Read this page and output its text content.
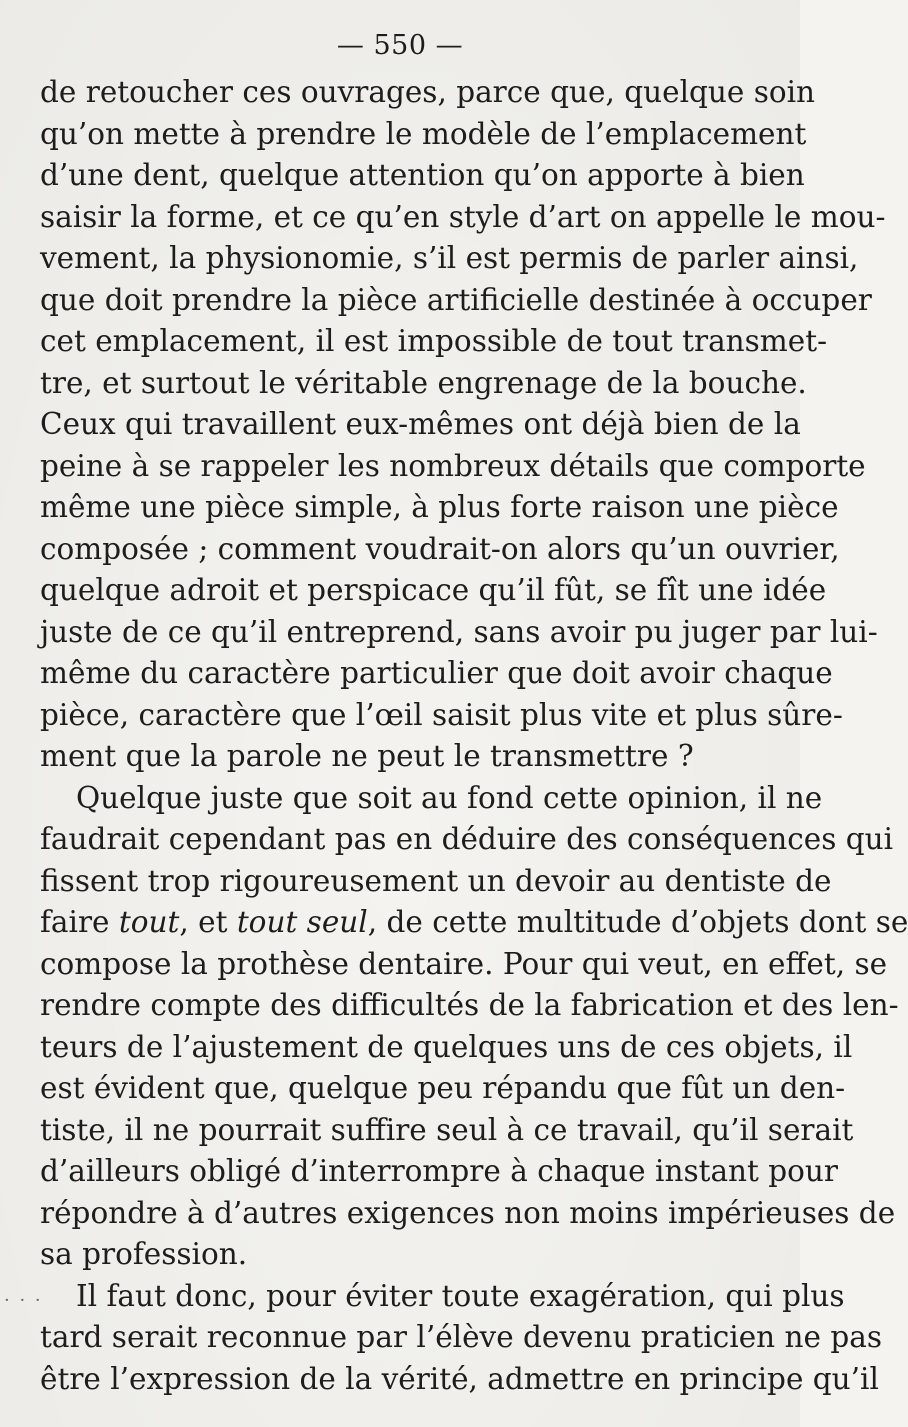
— 550 —
· · ·
de retoucher ces ouvrages, parce que, quelque soin
qu’on mette à prendre le modèle de l’emplacement
d’une dent, quelque attention qu’on apporte à bien
saisir la forme, et ce qu’en style d’art on appelle le mou-
vement, la physionomie, s’il est permis de parler ainsi,
que doit prendre la pièce artificielle destinée à occuper
cet emplacement, il est impossible de tout transmet-
tre, et surtout le véritable engrenage de la bouche.
Ceux qui travaillent eux-mêmes ont déjà bien de la
peine à se rappeler les nombreux détails que comporte
même une pièce simple, à plus forte raison une pièce
composée ; comment voudrait-on alors qu’un ouvrier,
quelque adroit et perspicace qu’il fût, se fît une idée
juste de ce qu’il entreprend, sans avoir pu juger par lui-
même du caractère particulier que doit avoir chaque
pièce, caractère que l’œil saisit plus vite et plus sûre-
ment que la parole ne peut le transmettre ?
Quelque juste que soit au fond cette opinion, il ne
faudrait cependant pas en déduire des conséquences qui
fissent trop rigoureusement un devoir au dentiste de
faire tout, et tout seul, de cette multitude d’objets dont se
compose la prothèse dentaire. Pour qui veut, en effet, se
rendre compte des difficultés de la fabrication et des len-
teurs de l’ajustement de quelques uns de ces objets, il
est évident que, quelque peu répandu que fût un den-
tiste, il ne pourrait suffire seul à ce travail, qu’il serait
d’ailleurs obligé d’interrompre à chaque instant pour
répondre à d’autres exigences non moins impérieuses de
sa profession.
Il faut donc, pour éviter toute exagération, qui plus
tard serait reconnue par l’élève devenu praticien ne pas
être l’expression de la vérité, admettre en principe qu’il
